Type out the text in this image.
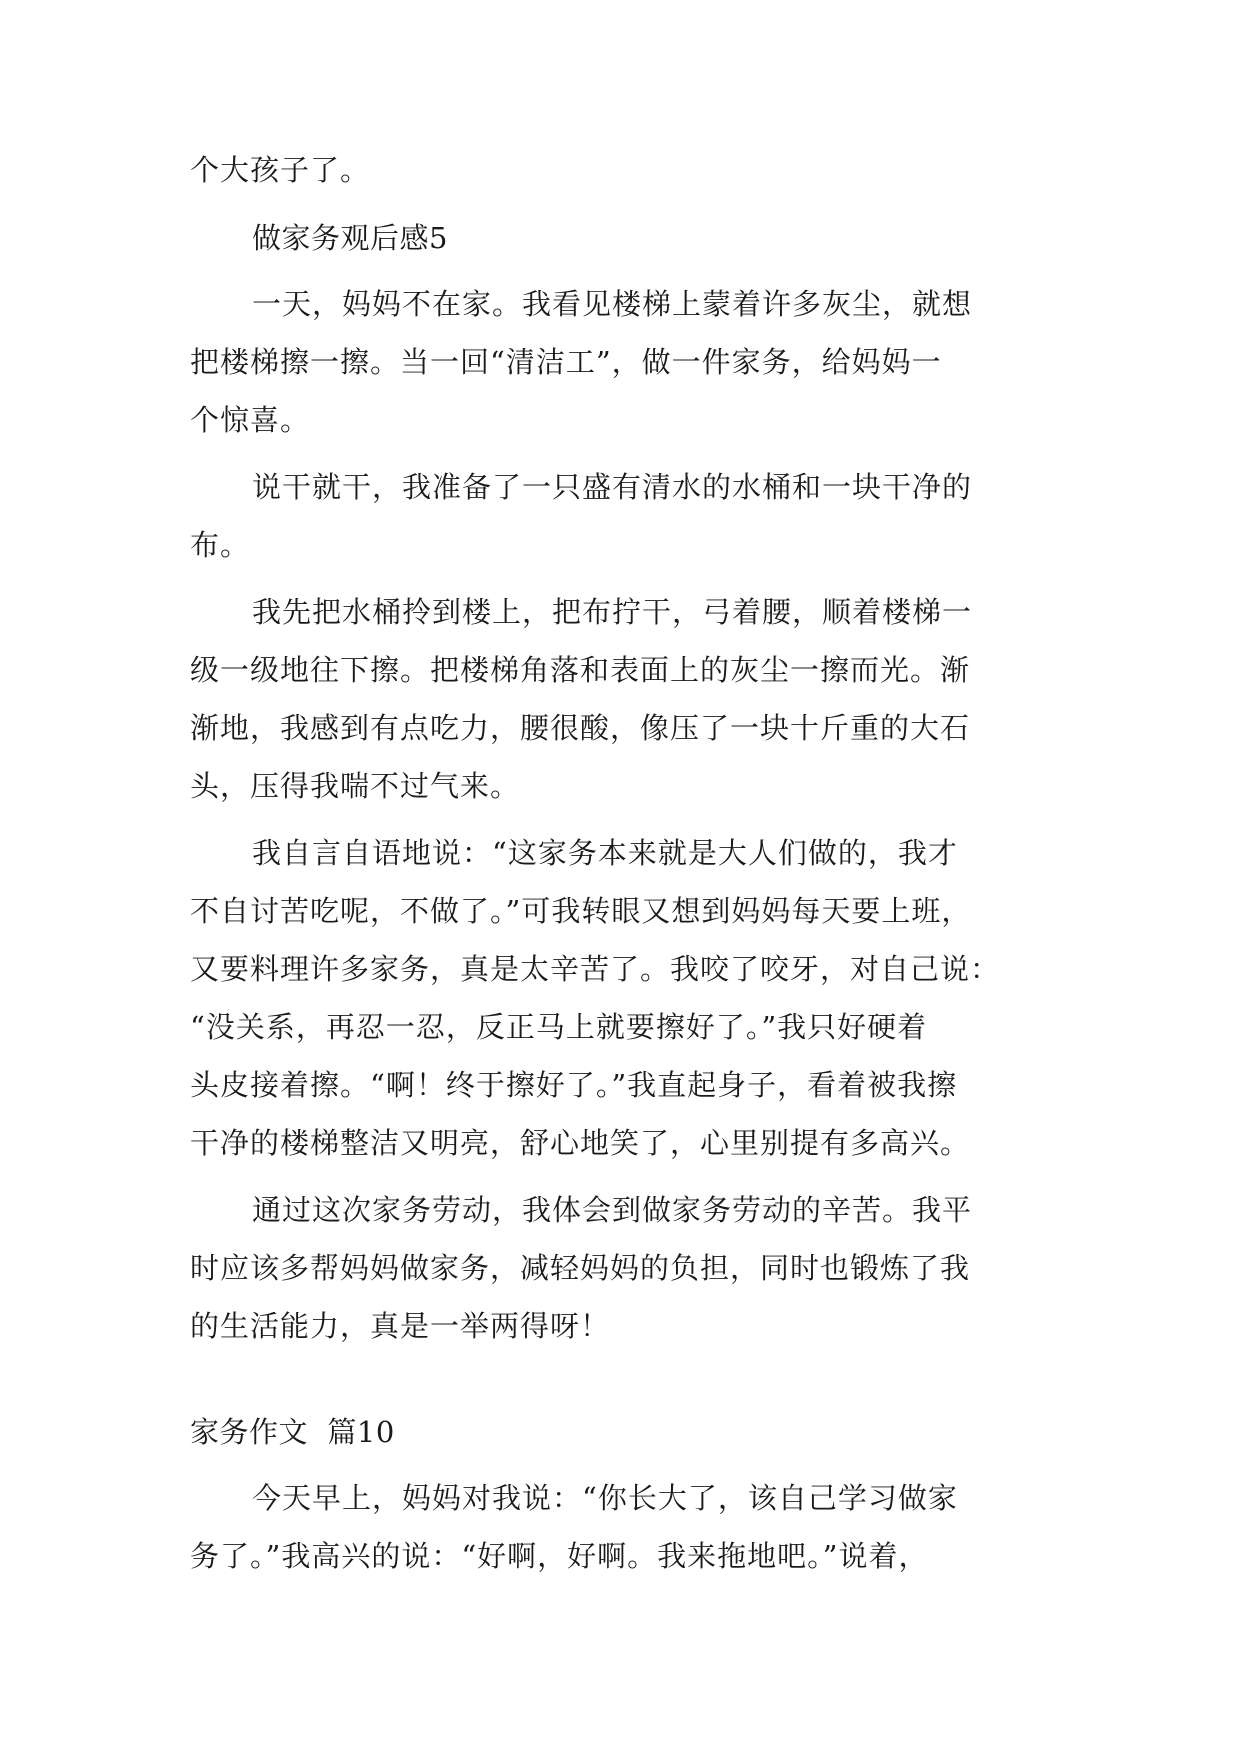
个大孩子了。
做家务观后感5
一天，妈妈不在家。我看见楼梯上蒙着许多灰尘，就想
把楼梯擦一擦。当一回“清洁工”，做一件家务，给妈妈一
个惊喜。
说干就干，我准备了一只盛有清水的水桶和一块干净的
布。
我先把水桶拎到楼上，把布拧干，弓着腰，顺着楼梯一
级一级地往下擦。把楼梯角落和表面上的灰尘一擦而光。渐
渐地，我感到有点吃力，腰很酸，像压了一块十斤重的大石
头，压得我喘不过气来。
我自言自语地说：“这家务本来就是大人们做的，我才
不自讨苦吃呢，不做了。”可我转眼又想到妈妈每天要上班，
又要料理许多家务，真是太辛苦了。我咬了咬牙，对自己说：
“没关系，再忍一忍，反正马上就要擦好了。”我只好硬着
头皮接着擦。“啊！终于擦好了。”我直起身子，看着被我擦
干净的楼梯整洁又明亮，舒心地笑了，心里别提有多高兴。
通过这次家务劳动，我体会到做家务劳动的辛苦。我平
时应该多帮妈妈做家务，减轻妈妈的负担，同时也锻炼了我
的生活能力，真是一举两得呀！
家务作文  篇10
今天早上，妈妈对我说：“你长大了，该自己学习做家
务了。”我高兴的说：“好啊，好啊。我来拖地吧。”说着，
